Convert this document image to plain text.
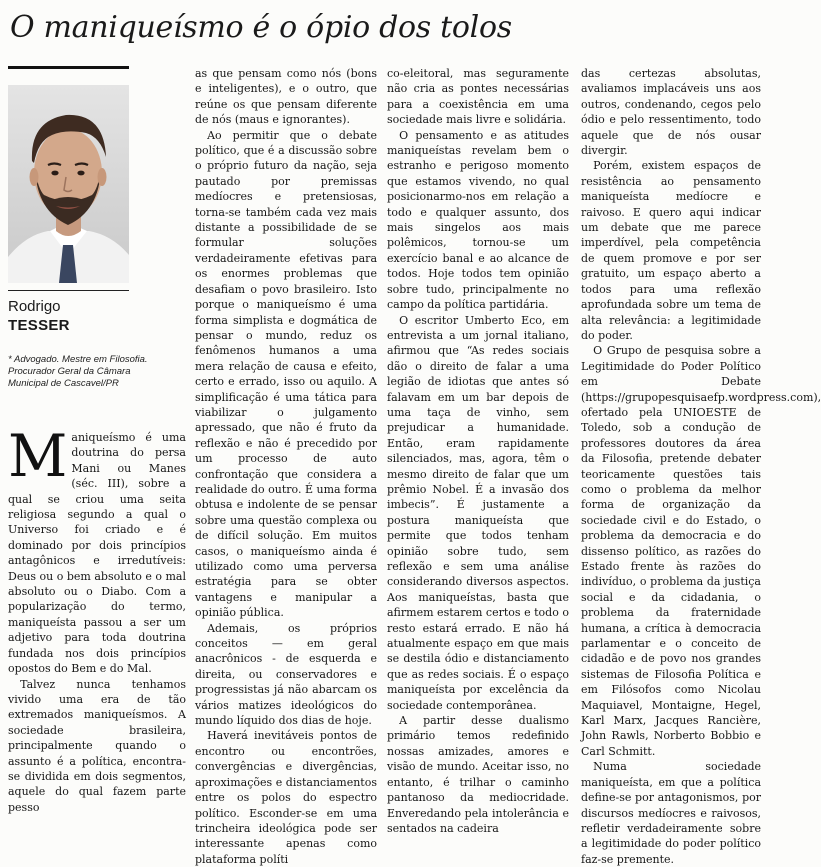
O maniqueísmo é o ópio dos tolos
Rodrigo
TESSER
* Advogado. Mestre em Filosofia. Procurador Geral da Câmara Municipal de Cascavel/PR

Maniqueísmo é uma doutrina do persa Mani ou Manes (séc. III), sobre a qual se criou uma seita religiosa segundo a qual o Universo foi criado e é dominado por dois princípios antagônicos e irredutíveis: Deus ou o bem absoluto e o mal absoluto ou o Diabo. Com a popularização do termo, maniqueísta passou a ser um adjetivo para toda doutrina fundada nos dois princípios opostos do Bem e do Mal.

Talvez nunca tenhamos vivido uma era de tão extremados maniqueísmos. A sociedade brasileira, principalmente quando o assunto é a política, encontra-se dividida em dois segmentos, aquele do qual fazem parte pesso

as que pensam como nós (bons e inteligentes), e o outro, que reúne os que pensam diferente de nós (maus e ignorantes).

Ao permitir que o debate político, que é a discussão sobre o próprio futuro da nação, seja pautado por premissas medíocres e pretensiosas, torna-se também cada vez mais distante a possibilidade de se formular soluções verdadeiramente efetivas para os enormes problemas que desafiam o povo brasileiro. Isto porque o maniqueísmo é uma forma simplista e dogmática de pensar o mundo, reduz os fenômenos humanos a uma mera relação de causa e efeito, certo e errado, isso ou aquilo. A simplificação é uma tática para viabilizar o julgamento apressado, que não é fruto da reflexão e não é precedido por um processo de auto confrontação que considera a realidade do outro. É uma forma obtusa e indolente de se pensar sobre uma questão complexa ou de difícil solução. Em muitos casos, o maniqueísmo ainda é utilizado como uma perversa estratégia para se obter vantagens e manipular a opinião pública.

Ademais, os próprios conceitos — em geral anacrônicos - de esquerda e direita, ou conservadores e progressistas já não abarcam os vários matizes ideológicos do mundo líquido dos dias de hoje.

Haverá inevitáveis pontos de encontro ou encontrões, convergências e divergências, aproximações e distanciamentos entre os polos do espectro político. Esconder-se em uma trincheira ideológica pode ser interessante apenas como plataforma políti

co-eleitoral, mas seguramente não cria as pontes necessárias para a coexistência em uma sociedade mais livre e solidária.

O pensamento e as atitudes maniqueístas revelam bem o estranho e perigoso momento que estamos vivendo, no qual posicionarmo-nos em relação a todo e qualquer assunto, dos mais singelos aos mais polêmicos, tornou-se um exercício banal e ao alcance de todos. Hoje todos tem opinião sobre tudo, principalmente no campo da política partidária.

O escritor Umberto Eco, em entrevista a um jornal italiano, afirmou que “As redes sociais dão o direito de falar a uma legião de idiotas que antes só falavam em um bar depois de uma taça de vinho, sem prejudicar a humanidade. Então, eram rapidamente silenciados, mas, agora, têm o mesmo direito de falar que um prêmio Nobel. É a invasão dos imbecis”. É justamente a postura maniqueísta que permite que todos tenham opinião sobre tudo, sem reflexão e sem uma análise considerando diversos aspectos. Aos maniqueístas, basta que afirmem estarem certos e todo o resto estará errado. E não há atualmente espaço em que mais se destila ódio e distanciamento que as redes sociais. É o espaço maniqueísta por excelência da sociedade contemporânea.

A partir desse dualismo primário temos redefinido nossas amizades, amores e visão de mundo. Aceitar isso, no entanto, é trilhar o caminho pantanoso da mediocridade. Enveredando pela intolerância e sentados na cadeira

das certezas absolutas, avaliamos implacáveis uns aos outros, condenando, cegos pelo ódio e pelo ressentimento, todo aquele que de nós ousar divergir.

Porém, existem espaços de resistência ao pensamento maniqueísta medíocre e raivoso. E quero aqui indicar um debate que me parece imperdível, pela competência de quem promove e por ser gratuito, um espaço aberto a todos para uma reflexão aprofundada sobre um tema de alta relevância: a legitimidade do poder.

O Grupo de pesquisa sobre a Legitimidade do Poder Político em Debate (https://grupopesquisaefp.wordpress.com), ofertado pela UNIOESTE de Toledo, sob a condução de professores doutores da área da Filosofia, pretende debater teoricamente questões tais como o problema da melhor forma de organização da sociedade civil e do Estado, o problema da democracia e do dissenso político, as razões do Estado frente às razões do indivíduo, o problema da justiça social e da cidadania, o problema da fraternidade humana, a crítica à democracia parlamentar e o conceito de cidadão e de povo nos grandes sistemas de Filosofia Política e em Filósofos como Nicolau Maquiavel, Montaigne, Hegel, Karl Marx, Jacques Rancière, John Rawls, Norberto Bobbio e Carl Schmitt.

Numa sociedade maniqueísta, em que a política define-se por antagonismos, por discursos medíocres e raivosos, refletir verdadeiramente sobre a legitimidade do poder político faz-se premente.
